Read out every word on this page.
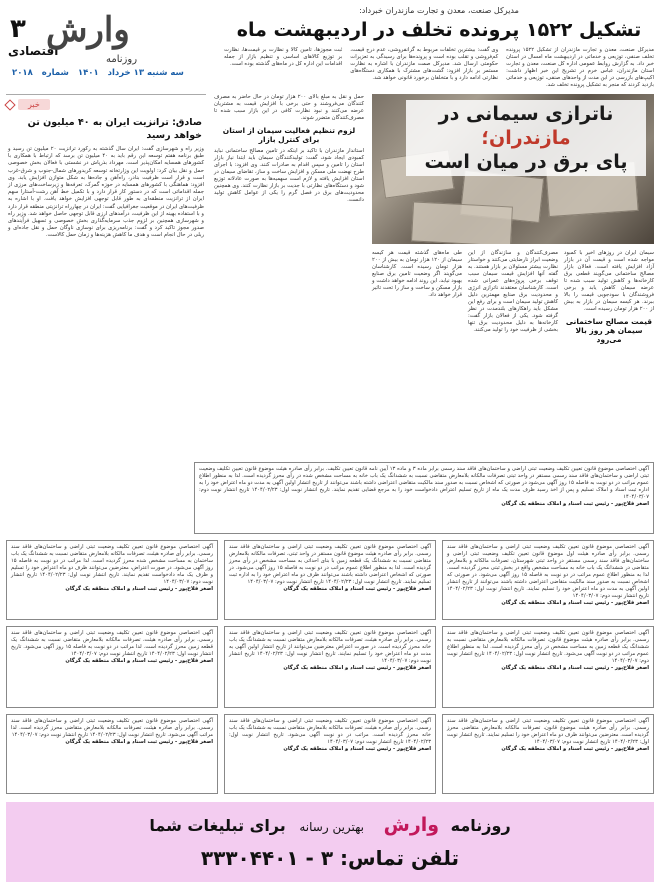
مدیرکل صنعت، معدن و تجارت مازندران خبرداد:
تشکیل ۱۵۲۲ پرونده تخلف در اردیبهشت ماه
مدیرکل صنعت، معدن و تجارت مازندران از تشکیل ۱۵۲۲ پرونده تخلف صنفی، توزیعی و خدماتی در اردیبهشت ماه امسال در استان خبر داد. به گزارش روابط عمومی اداره کل صنعت، معدن و تجارت استان مازندران، عباس خرم در تشریح این خبر اظهار داشت: اکیپ‌های بازرسی در این مدت از واحدهای صنفی، توزیعی و خدماتی بازدید کردند که منجر به تشکیل پرونده تخلف شد.
وی گفت: بیشترین تخلفات مربوط به گرانفروشی، عدم درج قیمت، کم‌فروشی و تقلب بوده است و پرونده‌ها برای رسیدگی به تعزیرات حکومتی ارسال شد. مدیرکل صمت مازندران با اشاره به نظارت مستمر بر بازار افزود: گشت‌های مشترک با همکاری دستگاه‌های نظارتی ادامه دارد و با متخلفان برخورد قانونی خواهد شد.
ثبت مجوزها، تامین کالا و نظارت بر قیمت‌ها، نظارت بر توزیع کالاهای اساسی و تنظیم بازار از جمله اقدامات این اداره کل در ماه‌های گذشته بوده است.
۳
اقتصادی
وارش
روزنامه
سه شنبه ۱۳ خرداد ۱۴۰۱ شماره ۲۰۱۸
خبر
صادق: ترانزیت ایران به ۴۰ میلیون تن خواهد رسید
وزیر راه و شهرسازی گفت: ایران سال گذشته به رکورد ترانزیت ۲۰ میلیون تن رسید و طبق برنامه هفتم توسعه این رقم باید به ۴۰ میلیون تن برسد که ارتباط با همکاری با کشورهای همسایه امکان‌پذیر است. مهرداد بذرپاش در نشستی با فعالان بخش خصوصی حمل و نقل بیان کرد: اولویت این وزارتخانه توسعه کریدورهای شمال-جنوب و شرق-غرب است و قرار است ظرفیت بنادر، راه‌آهن و جاده‌ها به شکل متوازن افزایش یابد. وی افزود: هماهنگی با کشورهای همسایه در حوزه گمرک، تعرفه‌ها و زیرساخت‌های مرزی از جمله اقداماتی است که در دستور کار قرار دارد و با تکمیل خط آهن رشت-آستارا سهم ایران از ترانزیت منطقه‌ای به طور قابل توجهی افزایش خواهد یافت. او با اشاره به ظرفیت‌های ایران در موقعیت جغرافیایی گفت: ایران در چهارراه ترانزیتی منطقه قرار دارد و با استفاده بهینه از این ظرفیت، درآمدهای ارزی قابل توجهی حاصل خواهد شد. وزیر راه و شهرسازی همچنین بر لزوم جذب سرمایه‌گذاری بخش خصوصی و تسهیل فرآیندهای صدور مجوز تاکید کرد و گفت: برنامه‌ریزی برای نوسازی ناوگان حمل و نقل جاده‌ای و ریلی در حال انجام است و هدف ما کاهش هزینه‌ها و زمان حمل کالاست.
ناترازی سیمانی در مازندران؛
پای برق در میان است
حمل و نقل به مبلغ بالای ۲۰۰ هزار تومان در حال حاضر به مصرف کنندگان می‌فروشند و حتی برخی با افزایش قیمت به مشتریان عرضه می‌کنند و نبود نظارت کافی در این بازار سبب شده تا مصرف‌کنندگان متضرر شوند.
لزوم تنظیم فعالیت سیمان از استان برای کنترل بازار
استاندار مازندران با تاکید بر اینکه در تامین مصالح ساختمانی نباید کمبودی ایجاد شود، گفت: تولیدکنندگان سیمان باید ابتدا نیاز بازار استان را تامین و سپس اقدام به صادرات کنند. وی افزود: با اجرای طرح نهضت ملی مسکن و افزایش ساخت و ساز، تقاضای سیمان در استان افزایش یافته و لازم است سهمیه‌ها به صورت عادلانه توزیع شود و دستگاه‌های نظارتی با جدیت بر بازار نظارت کنند. وی همچنین محدودیت‌های برق در فصل گرم را یکی از عوامل کاهش تولید دانست.
سیمان ایران در روزهای اخیر با کمبود مواجه شده است و قیمت آن در بازار آزاد افزایش یافته است. فعالان بازار مصالح ساختمانی می‌گویند قطعی برق کارخانه‌ها و کاهش تولید سبب شده تا عرضه سیمان کاهش یابد و برخی فروشندگان با سودجویی قیمت را بالا ببرند. هر کیسه سیمان در بازار به بیش از ۲۰۰ هزار تومان رسیده است.
قیمت مصالح ساختمانی سیمان هر روز بالا می‌رود
مصرف‌کنندگان و سازندگان از این وضعیت ابراز نارضایتی می‌کنند و خواستار نظارت بیشتر مسئولان بر بازار هستند. به گفته آنها افزایش قیمت سیمان سبب توقف برخی پروژه‌های عمرانی شده است. کارشناسان معتقدند ناترازی انرژی و محدودیت برق صنایع مهمترین دلیل کاهش تولید سیمان است و برای رفع این مشکل باید راهکارهای بلندمدت در نظر گرفته شود. یکی از فعالان بازار گفت: کارخانه‌ها به دلیل محدودیت برق تنها بخشی از ظرفیت خود را تولید می‌کنند.
طی ماه‌های گذشته قیمت هر کیسه سیمان از ۱۲۰ هزار تومان به بیش از ۲۰۰ هزار تومان رسیده است. کارشناسان می‌گویند اگر وضعیت تامین برق صنایع بهبود نیابد، این روند ادامه خواهد داشت و بازار مسکن و ساخت و ساز را تحت تاثیر قرار خواهد داد.
آگهی اختصاصی موضوع قانون تعیین تکلیف وضعیت ثبتی اراضی و ساختمان‌های فاقد سند رسمی برابر ماده ۳ و ماده ۱۳ آیین نامه قانون تعیین تکلیف. برابر رأی صادره هیئت موضوع قانون تعیین تکلیف وضعیت ثبتی اراضی و ساختمان‌های فاقد سند رسمی مستقر در واحد ثبتی تصرفات مالکانه بلامعارض متقاضی نسبت به ششدانگ یک باب خانه به مساحت مشخص شده در رأی محرز گردیده است. لذا به منظور اطلاع عموم مراتب در دو نوبت به فاصله ۱۵ روز آگهی می‌شود در صورتی که اشخاص نسبت به صدور سند مالکیت متقاضی اعتراضی داشته باشند می‌توانند از تاریخ انتشار اولین آگهی به مدت دو ماه اعتراض خود را به اداره ثبت اسناد و املاک تسلیم و پس از اخذ رسید ظرف مدت یک ماه از تاریخ تسلیم اعتراض دادخواست خود را به مرجع قضایی تقدیم نمایند. تاریخ انتشار نوبت اول: ۱۴۰۴/۰۲/۲۳ تاریخ انتشار نوبت دوم: ۱۴۰۴/۰۳/۰۷
اصغر فلاح‌پور - رئیس ثبت اسناد و املاک منطقه یک گرگان
آگهی اختصاصی موضوع قانون تعیین تکلیف وضعیت ثبتی اراضی و ساختمان‌های فاقد سند رسمی. برابر رأی صادره هیئت اول موضوع قانون تعیین تکلیف وضعیت ثبتی اراضی و ساختمان‌های فاقد سند رسمی مستقر در واحد ثبتی شهرستان، تصرفات مالکانه و بلامعارض متقاضی در ششدانگ یک باب خانه به مساحت مشخص واقع در بخش ثبتی محرز گردیده است. لذا به منظور اطلاع عموم مراتب در دو نوبت به فاصله ۱۵ روز آگهی می‌شود. در صورتی که اشخاص نسبت به صدور سند مالکیت متقاضی اعتراضی داشته باشند می‌توانند از تاریخ انتشار اولین آگهی به مدت دو ماه اعتراض خود را تسلیم نمایند. تاریخ انتشار نوبت اول: ۱۴۰۴/۰۲/۲۳ تاریخ انتشار نوبت دوم: ۱۴۰۴/۰۳/۰۷
اصغر فلاح‌پور - رئیس ثبت اسناد و املاک منطقه یک گرگان
آگهی اختصاصی موضوع قانون تعیین تکلیف وضعیت ثبتی اراضی و ساختمان‌های فاقد سند رسمی. برابر رأی صادره هیئت موضوع قانون مستقر در واحد ثبتی، تصرفات مالکانه بلامعارض متقاضی نسبت به ششدانگ یک قطعه زمین با بنای احداثی به مساحت مشخص در رأی محرز گردیده است. لذا به منظور اطلاع عموم مراتب در دو نوبت به فاصله ۱۵ روز آگهی می‌شود. در صورتی که اشخاص اعتراضی داشته باشند می‌توانند ظرف دو ماه اعتراض خود را به اداره ثبت تسلیم نمایند. تاریخ انتشار نوبت اول: ۱۴۰۴/۰۲/۲۳ تاریخ انتشار نوبت دوم: ۱۴۰۴/۰۳/۰۷
اصغر فلاح‌پور - رئیس ثبت اسناد و املاک منطقه یک گرگان
آگهی اختصاصی موضوع قانون تعیین تکلیف وضعیت ثبتی اراضی و ساختمان‌های فاقد سند رسمی. برابر رأی صادره هیئت، تصرفات مالکانه بلامعارض متقاضی نسبت به ششدانگ یک باب ساختمان به مساحت مشخص شده محرز گردیده است. لذا مراتب در دو نوبت به فاصله ۱۵ روز آگهی می‌شود. در صورت اعتراض، معترضین می‌توانند ظرف دو ماه اعتراض خود را تسلیم و ظرف یک ماه دادخواست تقدیم نمایند. تاریخ انتشار نوبت اول: ۱۴۰۴/۰۲/۲۳ تاریخ انتشار نوبت دوم: ۱۴۰۴/۰۳/۰۷
اصغر فلاح‌پور - رئیس ثبت اسناد و املاک منطقه یک گرگان
آگهی اختصاصی موضوع قانون تعیین تکلیف وضعیت ثبتی اراضی و ساختمان‌های فاقد سند رسمی. برابر رأی صادره هیئت موضوع قانون، تصرفات مالکانه بلامعارض متقاضی نسبت به ششدانگ یک قطعه زمین به مساحت مشخص در رأی محرز گردیده است. لذا به منظور اطلاع عموم مراتب در دو نوبت آگهی می‌شود. تاریخ انتشار نوبت اول: ۱۴۰۴/۰۲/۲۳ تاریخ انتشار نوبت دوم: ۱۴۰۴/۰۳/۰۷
اصغر فلاح‌پور - رئیس ثبت اسناد و املاک منطقه یک گرگان
آگهی اختصاصی موضوع قانون تعیین تکلیف وضعیت ثبتی اراضی و ساختمان‌های فاقد سند رسمی. برابر رأی صادره هیئت، تصرفات مالکانه بلامعارض متقاضی نسبت به ششدانگ یک باب خانه محرز گردیده است. در صورت اعتراض معترضین می‌توانند از تاریخ انتشار اولین آگهی به مدت دو ماه اعتراض خود را تسلیم نمایند. تاریخ انتشار نوبت اول: ۱۴۰۴/۰۲/۲۳ تاریخ انتشار نوبت دوم: ۱۴۰۴/۰۳/۰۷
اصغر فلاح‌پور - رئیس ثبت اسناد و املاک منطقه یک گرگان
آگهی اختصاصی موضوع قانون تعیین تکلیف وضعیت ثبتی اراضی و ساختمان‌های فاقد سند رسمی. برابر رأی صادره هیئت، تصرفات مالکانه بلامعارض متقاضی نسبت به ششدانگ یک قطعه زمین محرز گردیده است. لذا مراتب در دو نوبت به فاصله ۱۵ روز آگهی می‌شود. تاریخ انتشار نوبت اول: ۱۴۰۴/۰۲/۲۳ تاریخ انتشار نوبت دوم: ۱۴۰۴/۰۳/۰۷
اصغر فلاح‌پور - رئیس ثبت اسناد و املاک منطقه یک گرگان
آگهی اختصاصی موضوع قانون تعیین تکلیف وضعیت ثبتی اراضی و ساختمان‌های فاقد سند رسمی. برابر رأی صادره هیئت موضوع قانون، تصرفات مالکانه بلامعارض متقاضی محرز گردیده است. معترضین می‌توانند ظرف دو ماه اعتراض خود را تسلیم نمایند. تاریخ انتشار نوبت اول: ۱۴۰۴/۰۲/۲۳ تاریخ انتشار نوبت دوم: ۱۴۰۴/۰۳/۰۷
اصغر فلاح‌پور - رئیس ثبت اسناد و املاک منطقه یک گرگان
آگهی اختصاصی موضوع قانون تعیین تکلیف وضعیت ثبتی اراضی و ساختمان‌های فاقد سند رسمی. برابر رأی صادره هیئت، تصرفات مالکانه بلامعارض متقاضی نسبت به ششدانگ یک باب خانه محرز گردیده است. مراتب در دو نوبت آگهی می‌شود. تاریخ انتشار نوبت اول: ۱۴۰۴/۰۲/۲۳ تاریخ انتشار نوبت دوم: ۱۴۰۴/۰۳/۰۷
اصغر فلاح‌پور - رئیس ثبت اسناد و املاک منطقه یک گرگان
آگهی اختصاصی موضوع قانون تعیین تکلیف وضعیت ثبتی اراضی و ساختمان‌های فاقد سند رسمی. برابر رأی صادره هیئت، تصرفات مالکانه بلامعارض متقاضی محرز گردیده است. لذا مراتب آگهی می‌شود. تاریخ انتشار نوبت اول: ۱۴۰۴/۰۲/۲۳ تاریخ انتشار نوبت دوم: ۱۴۰۴/۰۳/۰۷
اصغر فلاح‌پور - رئیس ثبت اسناد و املاک منطقه یک گرگان
روزنامه وارش بهترین رسانه برای تبلیغات شما
تلفن تماس: ۳ - ۳۳۳۰۴۴۰۱
